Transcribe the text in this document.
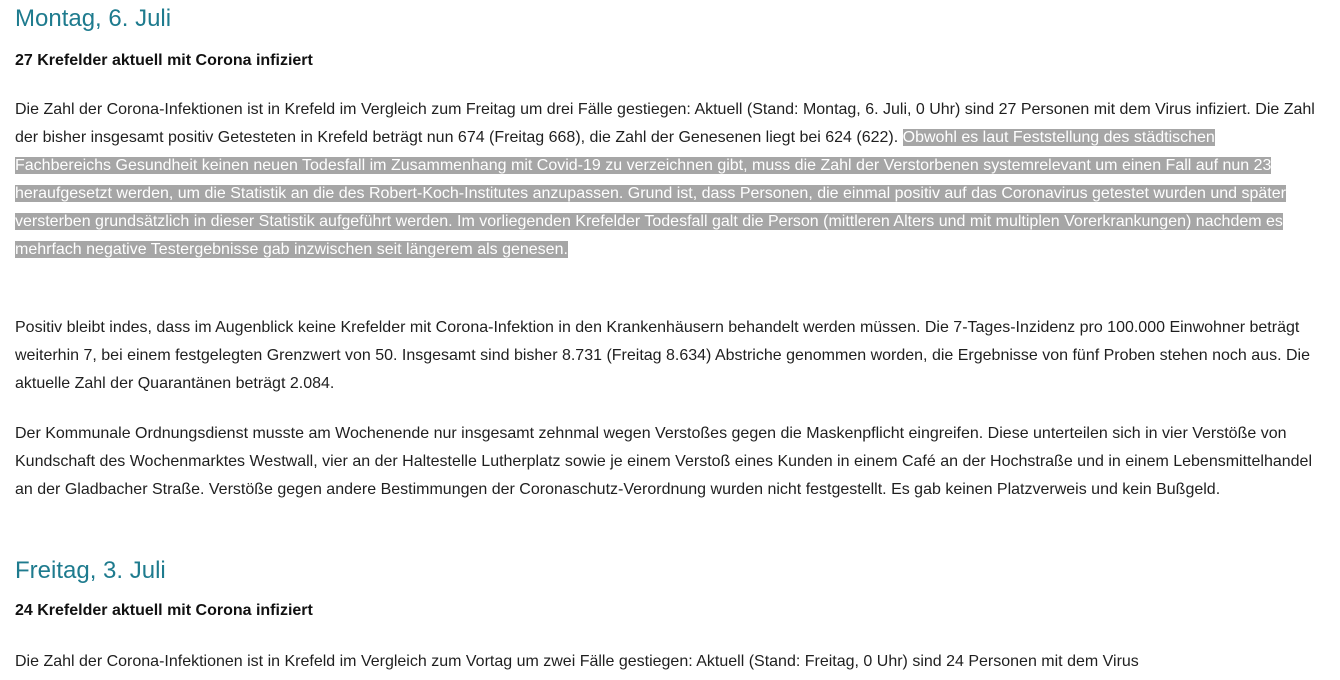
Montag, 6. Juli
27 Krefelder aktuell mit Corona infiziert

Die Zahl der Corona-Infektionen ist in Krefeld im Vergleich zum Freitag um drei Fälle gestiegen: Aktuell (Stand: Montag, 6. Juli, 0 Uhr) sind 27 Personen mit dem Virus infiziert. Die Zahl der bisher insgesamt positiv Getesteten in Krefeld beträgt nun 674 (Freitag 668), die Zahl der Genesenen liegt bei 624 (622). Obwohl es laut Feststellung des städtischen Fachbereichs Gesundheit keinen neuen Todesfall im Zusammenhang mit Covid-19 zu verzeichnen gibt, muss die Zahl der Verstorbenen systemrelevant um einen Fall auf nun 23 heraufgesetzt werden, um die Statistik an die des Robert-Koch-Institutes anzupassen. Grund ist, dass Personen, die einmal positiv auf das Coronavirus getestet wurden und später versterben grundsätzlich in dieser Statistik aufgeführt werden. Im vorliegenden Krefelder Todesfall galt die Person (mittleren Alters und mit multiplen Vorerkrankungen) nachdem es mehrfach negative Testergebnisse gab inzwischen seit längerem als genesen.

Positiv bleibt indes, dass im Augenblick keine Krefelder mit Corona-Infektion in den Krankenhäusern behandelt werden müssen. Die 7-Tages-Inzidenz pro 100.000 Einwohner beträgt weiterhin 7, bei einem festgelegten Grenzwert von 50. Insgesamt sind bisher 8.731 (Freitag 8.634) Abstriche genommen worden, die Ergebnisse von fünf Proben stehen noch aus. Die aktuelle Zahl der Quarantänen beträgt 2.084.

Der Kommunale Ordnungsdienst musste am Wochenende nur insgesamt zehnmal wegen Verstoßes gegen die Maskenpflicht eingreifen. Diese unterteilen sich in vier Verstöße von Kundschaft des Wochenmarktes Westwall, vier an der Haltestelle Lutherplatz sowie je einem Verstoß eines Kunden in einem Café an der Hochstraße und in einem Lebensmittelhandel an der Gladbacher Straße. Verstöße gegen andere Bestimmungen der Coronaschutz-Verordnung wurden nicht festgestellt. Es gab keinen Platzverweis und kein Bußgeld.

Freitag, 3. Juli
24 Krefelder aktuell mit Corona infiziert

Die Zahl der Corona-Infektionen ist in Krefeld im Vergleich zum Vortag um zwei Fälle gestiegen: Aktuell (Stand: Freitag, 0 Uhr) sind 24 Personen mit dem Virus
